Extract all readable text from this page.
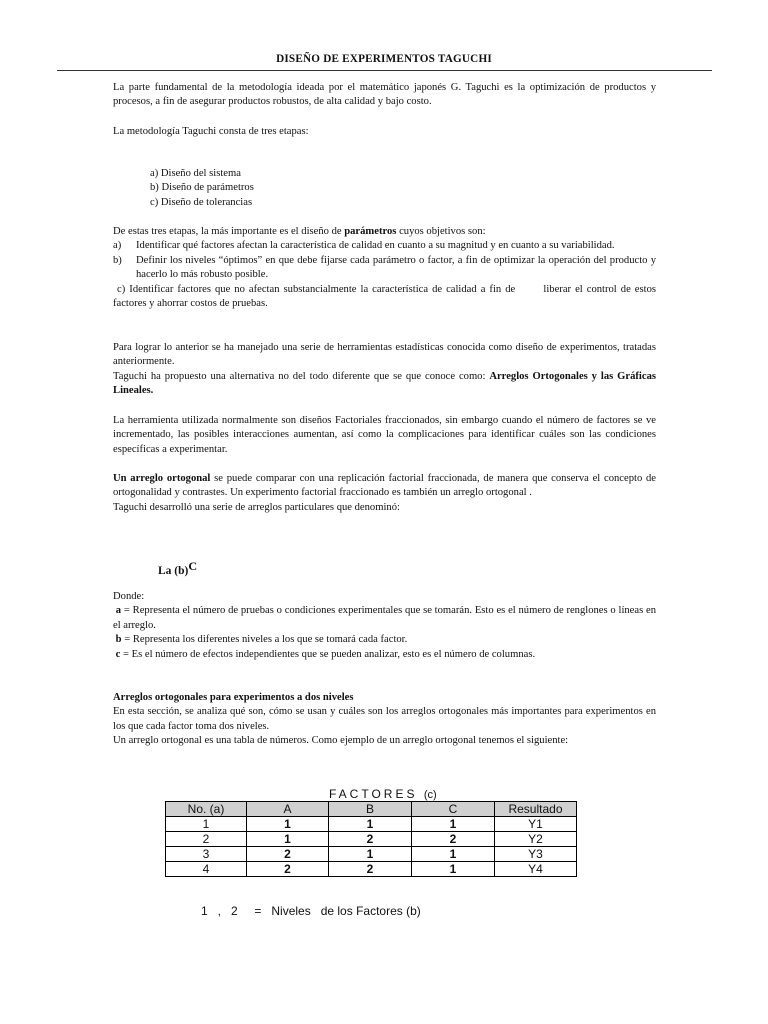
DISEÑO DE EXPERIMENTOS TAGUCHI

La parte fundamental de la metodología ideada por el matemático japonés G. Taguchi es la optimización de productos y procesos, a fin de asegurar productos robustos, de alta calidad y bajo costo.

La metodología Taguchi consta de tres etapas:

a) Diseño del sistema
b) Diseño de parámetros
c) Diseño de tolerancias

De estas tres etapas, la más importante es el diseño de parámetros cuyos objetivos son:

a) Identificar qué factores afectan la característica de calidad en cuanto a su magnitud y en cuanto a su variabilidad.
b) Definir los niveles “óptimos” en que debe fijarse cada parámetro o factor, a fin de optimizar la operación del producto y hacerlo lo más robusto posible.

c) Identificar factores que no afectan substancialmente la característica de calidad a fin de       liberar el control de estos factores y ahorrar costos de pruebas.

Para lograr lo anterior se ha manejado una serie de herramientas estadísticas conocida como diseño de experimentos, tratadas anteriormente.

Taguchi ha propuesto una alternativa no del todo diferente que se que conoce como: Arreglos Ortogonales y las Gráficas Lineales.

La herramienta utilizada normalmente son diseños Factoriales fraccionados, sin embargo cuando el número de factores se ve incrementado, las posibles interacciones aumentan, así como la complicaciones para identificar cuáles son las condiciones específicas a experimentar.

Un arreglo ortogonal se puede comparar con una replicación factorial fraccionada, de manera que conserva el concepto de ortogonalidad y contrastes. Un experimento factorial fraccionado es también un arreglo ortogonal .

Taguchi desarrolló una serie de arreglos particulares que denominó:

La $(b)^C$

Donde:

a = Representa el número de pruebas o condiciones experimentales que se tomarán. Esto es el número de renglones o líneas en el arreglo.

b = Representa los diferentes niveles a los que se tomará cada factor.

c = Es el número de efectos independientes que se pueden analizar, esto es el número de columnas.

Arreglos ortogonales para experimentos a dos niveles

En esta sección, se analiza qué son, cómo se usan y cuáles son los arreglos ortogonales más importantes para experimentos en los que cada factor toma dos niveles.

Un arreglo ortogonal es una tabla de números. Como ejemplo de un arreglo ortogonal tenemos el siguiente:

FACTORES (c)
No. (a)	A	B	C	Resultado
1	1	1	1	Y1
2	1	2	2	Y2
3	2	1	1	Y3
4	2	2	1	Y4
1   ,   2     =   Niveles   de los Factores (b)
